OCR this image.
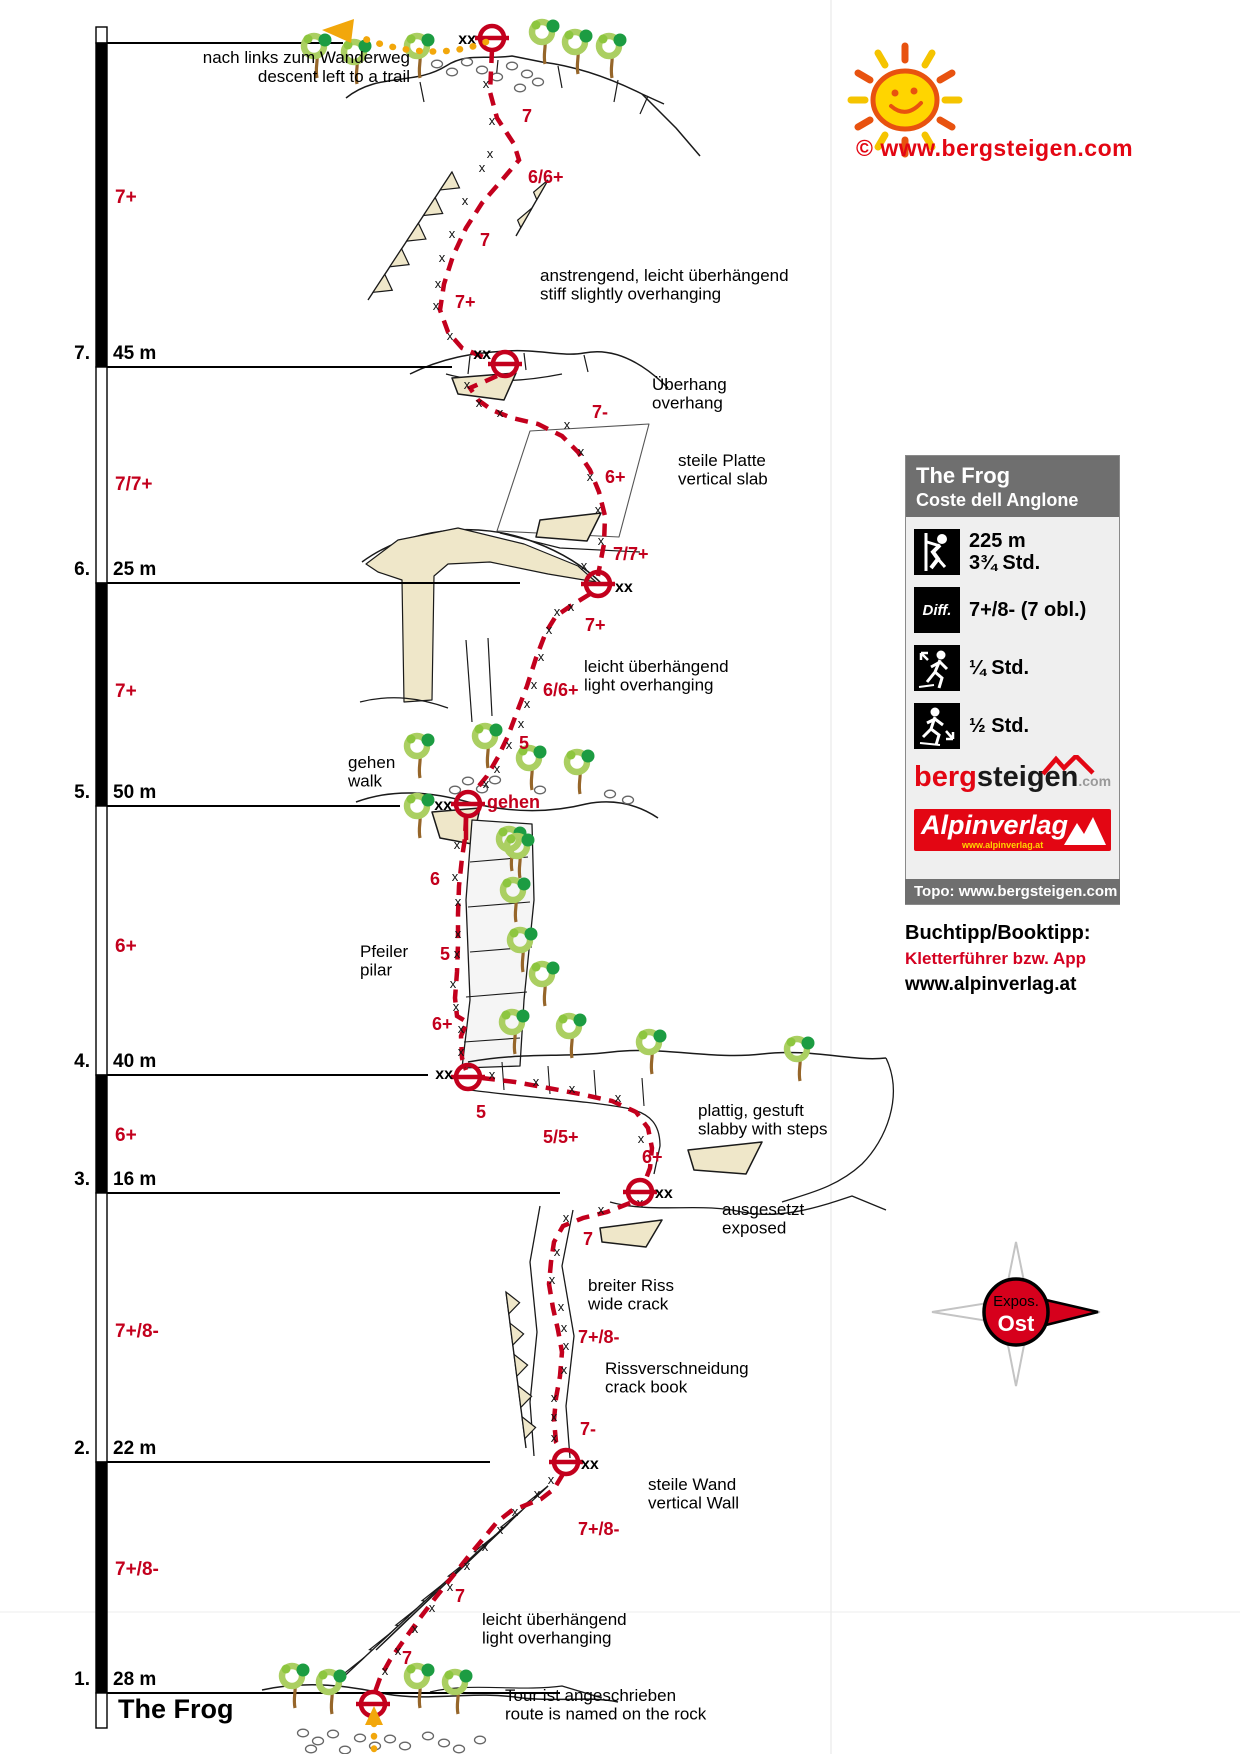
7. 45 m
6. 25 m
5. 50 m
4. 40 m
3. 16 m
2. 22 m
1. 28 m
7+
7/7+
7+
6+
6+
7+/8-
7+/8-
x
x
x
x
x
x
x
x
x
x
x
x
x
x
x
x
x
x
x
x
x
x
x
x
x
x
x
x
x
x
x
x
x
x
x
x
x
x
x	x x
x
x
x
x
x
x
x
x
x
x
x
x
x
x
x
x
x
x
x
x
x
x
x
x
x
xx
xx
xx
xx
xx
xx
xx
7
6/6+
7
7+
7-
6+
7/7+
7+
6/6+
5
6
5
6+
5
5/5+
6+
7
7+/8-
7-
7+/8-
7
7
gehen
anstrengend, leicht überhängend
stiff slightly overhanging
Überhang
overhang
steile Platte
vertical slab
leicht überhängend
light overhanging
gehen
walk
Pfeiler
pilar
plattig, gestuft
slabby with steps
ausgesetzt
exposed
breiter Riss
wide crack
Rissverschneidung
crack book
steile Wand
vertical Wall
leicht überhängend
light overhanging
Tour ist angeschrieben
route is named on the rock
Expos.
Ost
nach links zum Wanderweg
descent left to a trail
© www.bergsteigen.com
The Frog
Coste dell Anglone
225 m
3¾ Std.
Diff. 7+/8- (7 obl.)
¼ Std.
½ Std.
bergsteigen.com
Alpinverlag
www.alpinverlag.at
Topo: www.bergsteigen.com
Buchtipp/Booktipp:
Kletterführer bzw. App
www.alpinverlag.at
The Frog
